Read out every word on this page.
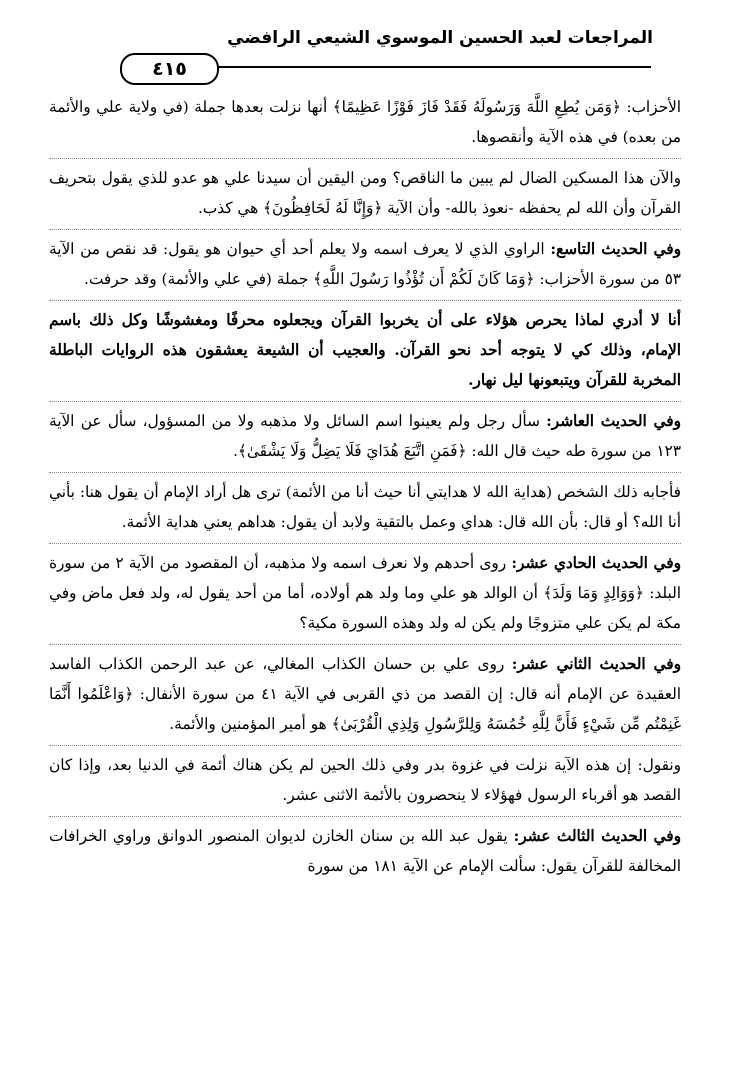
المراجعات لعبد الحسين الموسوي الشيعي الرافضي
٤١٥

الأحزاب: ﴿وَمَن يُطِعِ اللَّهَ وَرَسُولَهُ فَقَدْ فَازَ فَوْزًا عَظِيمًا﴾ أنها نزلت بعدها جملة (في ولاية علي والأئمة من بعده) في هذه الآية وأنقصوها.

والآن هذا المسكين الضال لم يبين ما الناقص؟ ومن اليقين أن سيدنا علي هو عدو للذي يقول بتحريف القرآن وأن الله لم يحفظه -نعوذ بالله- وأن الآية ﴿وَإِنَّا لَهُ لَحَافِظُونَ﴾ هي كذب.

وفي الحديث التاسع: الراوي الذي لا يعرف اسمه ولا يعلم أحد أي حيوان هو يقول: قد نقص من الآية ٥٣ من سورة الأحزاب: ﴿وَمَا كَانَ لَكُمْ أَن تُؤْذُوا رَسُولَ اللَّهِ﴾ جملة (في علي والأئمة) وقد حرفت.

أنا لا أدري لماذا يحرص هؤلاء على أن يخربوا القرآن ويجعلوه محرفًا ومغشوشًا وكل ذلك باسم الإمام، وذلك كي لا يتوجه أحد نحو القرآن. والعجيب أن الشيعة يعشقون هذه الروايات الباطلة المخربة للقرآن ويتبعونها ليل نهار.

وفي الحديث العاشر: سأل رجل ولم يعينوا اسم السائل ولا مذهبه ولا من المسؤول، سأل عن الآية ١٢٣ من سورة طه حيث قال الله: ﴿فَمَنِ اتَّبَعَ هُدَايَ فَلَا يَضِلُّ وَلَا يَشْقَىٰ﴾.

فأجابه ذلك الشخص (هداية الله لا هدايتي أنا حيث أنا من الأئمة) ترى هل أراد الإمام أن يقول هنا: بأني أنا الله؟ أو قال: بأن الله قال: هداي وعمل بالتقية ولابد أن يقول: هداهم يعني هداية الأئمة.

وفي الحديث الحادي عشر: روى أحدهم ولا نعرف اسمه ولا مذهبه، أن المقصود من الآية ٢ من سورة البلد: ﴿وَوَالِدٍ وَمَا وَلَدَ﴾ أن الوالد هو علي وما ولد هم أولاده، أما من أحد يقول له، ولد فعل ماض وفي مكة لم يكن علي متزوجًا ولم يكن له ولد وهذه السورة مكية؟

وفي الحديث الثاني عشر: روى علي بن حسان الكذاب المغالي، عن عبد الرحمن الكذاب الفاسد العقيدة عن الإمام أنه قال: إن القصد من ذي القربى في الآية ٤١ من سورة الأنفال: ﴿وَاعْلَمُوا أَنَّمَا غَنِمْتُم مِّن شَيْءٍ فَأَنَّ لِلَّهِ خُمُسَهُ وَلِلرَّسُولِ وَلِذِي الْقُرْبَىٰ﴾ هو أمير المؤمنين والأئمة.

ونقول: إن هذه الآية نزلت في غزوة بدر وفي ذلك الحين لم يكن هناك أئمة في الدنيا بعد، وإذا كان القصد هو أقرباء الرسول فهؤلاء لا ينحصرون بالأئمة الاثنى عشر.

وفي الحديث الثالث عشر: يقول عبد الله بن سنان الخازن لديوان المنصور الدوانق وراوي الخرافات المخالفة للقرآن يقول: سألت الإمام عن الآية ١٨١ من سورة
